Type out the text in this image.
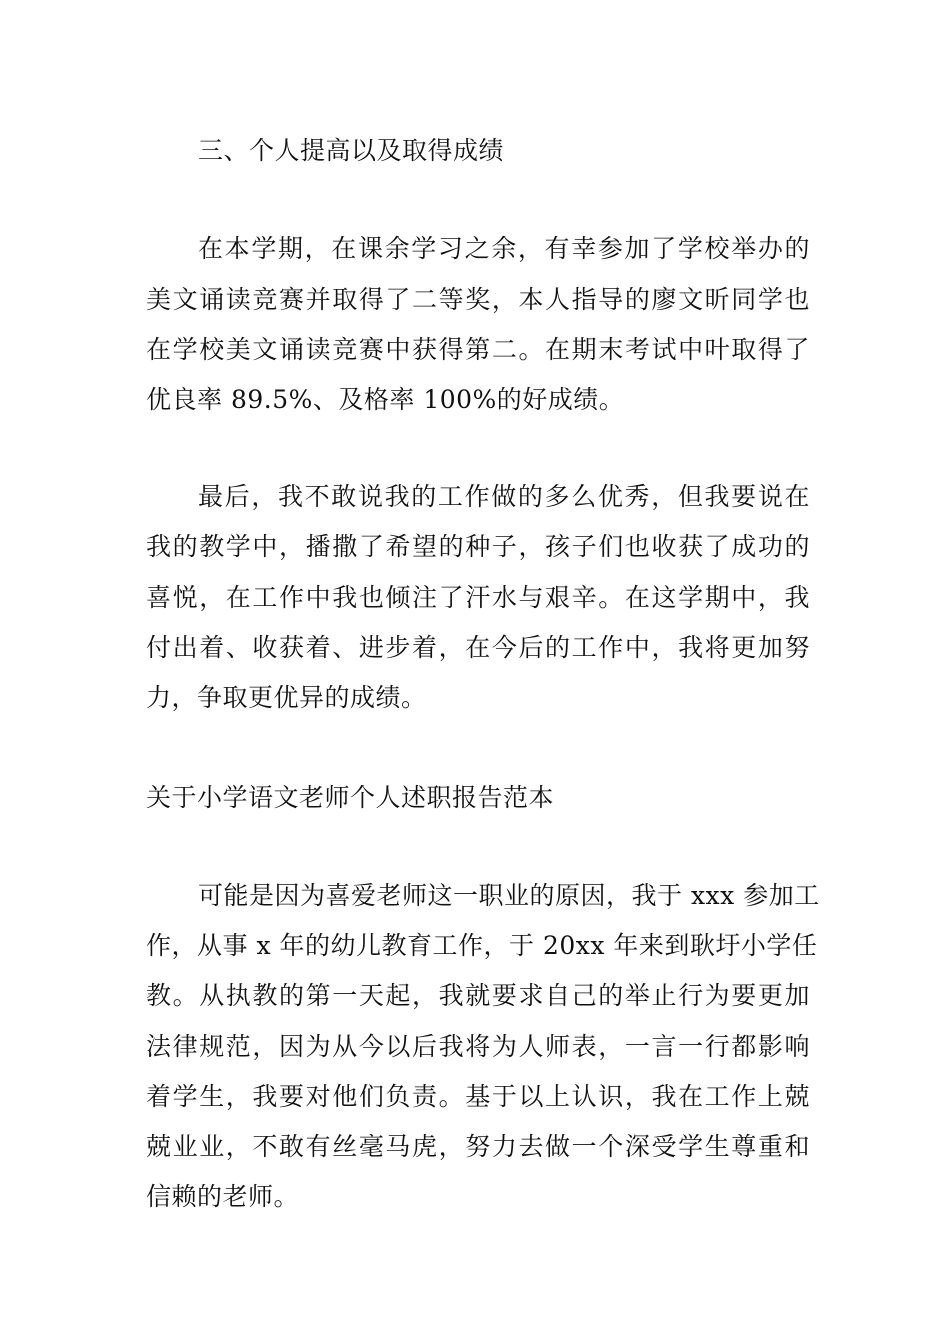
三、个人提高以及取得成绩
在本学期，在课余学习之余，有幸参加了学校举办的
美文诵读竞赛并取得了二等奖，本人指导的廖文昕同学也
在学校美文诵读竞赛中获得第二。在期末考试中叶取得了
优良率 89.5%、及格率 100%的好成绩。
最后，我不敢说我的工作做的多么优秀，但我要说在
我的教学中，播撒了希望的种子，孩子们也收获了成功的
喜悦，在工作中我也倾注了汗水与艰辛。在这学期中，我
付出着、收获着、进步着，在今后的工作中，我将更加努
力，争取更优异的成绩。
关于小学语文老师个人述职报告范本
可能是因为喜爱老师这一职业的原因，我于 xxx 参加工
作，从事 x 年的幼儿教育工作，于 20xx 年来到耿圩小学任
教。从执教的第一天起，我就要求自己的举止行为要更加
法律规范，因为从今以后我将为人师表，一言一行都影响
着学生，我要对他们负责。基于以上认识，我在工作上兢
兢业业，不敢有丝毫马虎，努力去做一个深受学生尊重和
信赖的老师。
